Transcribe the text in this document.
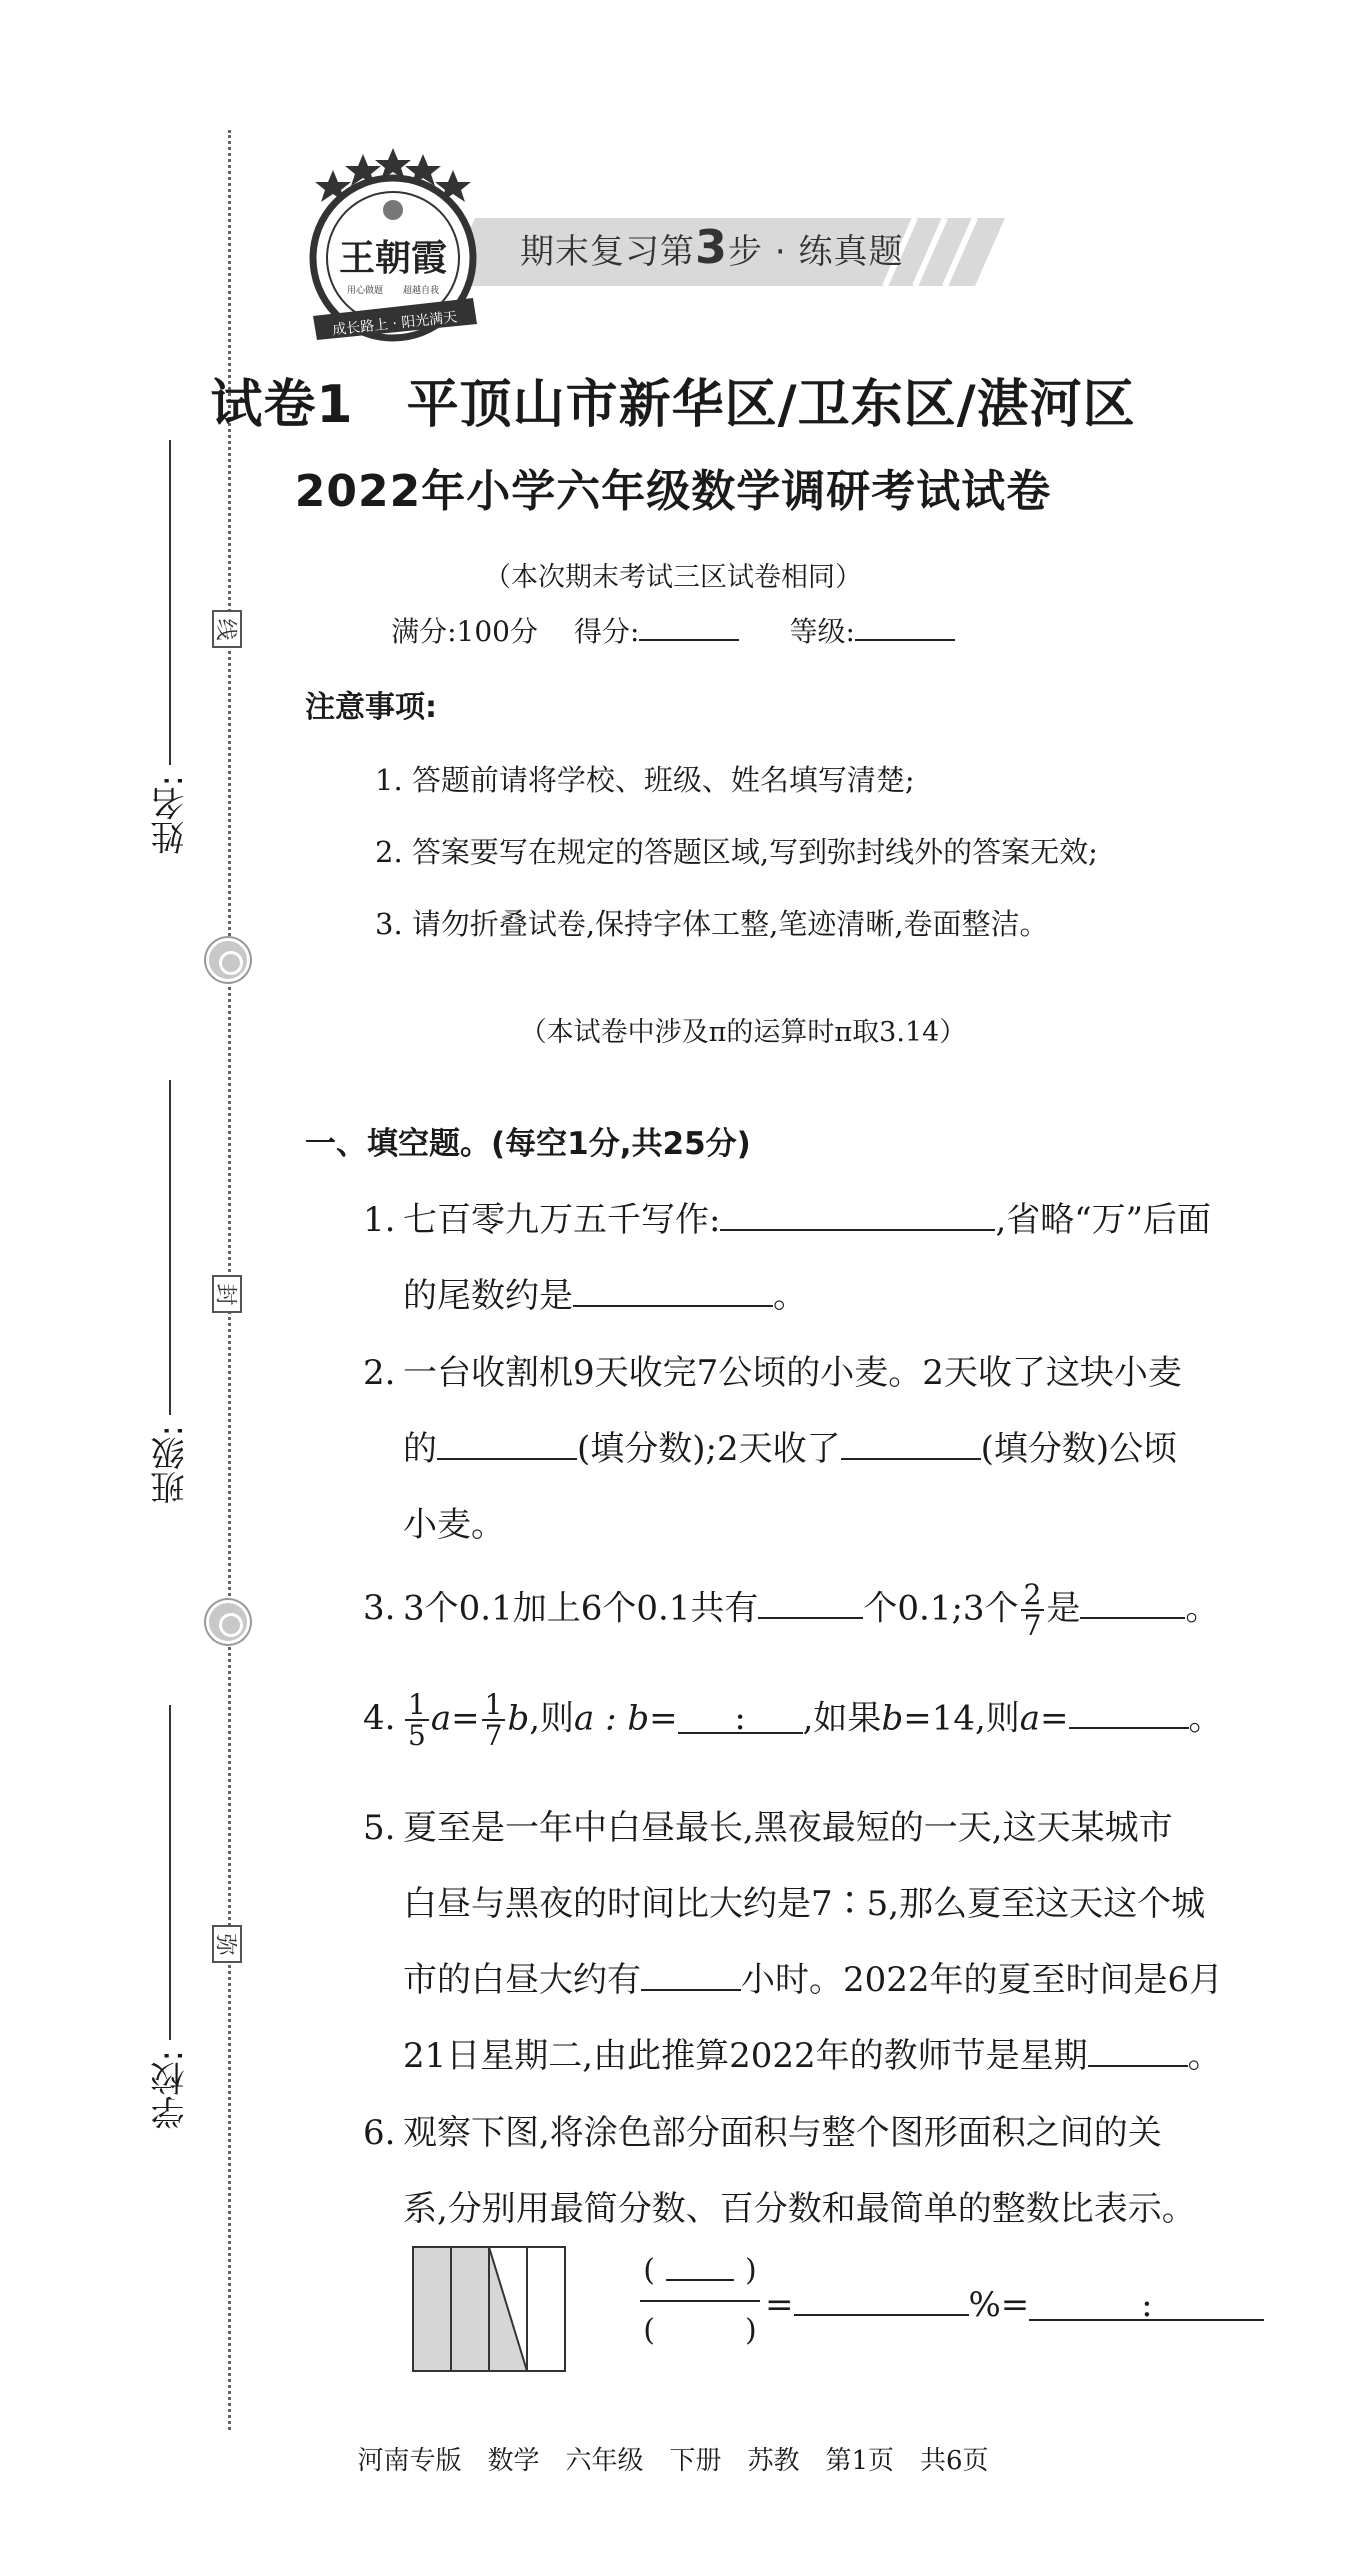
线
封
弥
姓名:
班级:
学校:
期末复习第3步 · 练真题
王朝霞
用心做题 超越自我
成长路上 · 阳光满天
试卷1　平顶山市新华区/卫东区/湛河区
2022年小学六年级数学调研考试试卷
（本次期末考试三区试卷相同）
满分:100分 得分:	等级:
注意事项:
1. 答题前请将学校、班级、姓名填写清楚;
2. 答案要写在规定的答题区域,写到弥封线外的答案无效;
3. 请勿折叠试卷,保持字体工整,笔迹清晰,卷面整洁。
（本试卷中涉及π的运算时π取3.14）
一、填空题。(每空1分,共25分)
1. 七百零九万五千写作:	,省略“万”后面
的尾数约是	。
2. 一台收割机9天收完7公顷的小麦。2天收了这块小麦
的	(填分数);2天收了	(填分数)公顷
小麦。
3. 3个0.1加上6个0.1共有	个0.1;3个 $\frac{2}{7}$ 是	。
4. $\frac{1}{5} a= \frac{1}{7} b$,则a : b= : ,如果b=14,则a=	。
5. 夏至是一年中白昼最长,黑夜最短的一天,这天某城市
白昼与黑夜的时间比大约是7∶5,那么夏至这天这个城
市的白昼大约有	小时。2022年的夏至时间是6月
21日星期二,由此推算2022年的教师节是星期	。
6. 观察下图,将涂色部分面积与整个图形面积之间的关
系,分别用最简分数、百分数和最简单的整数比表示。
(　　　)
(　　　)
=	%=	:
河南专版　数学　六年级　下册　苏教　第1页　共6页
